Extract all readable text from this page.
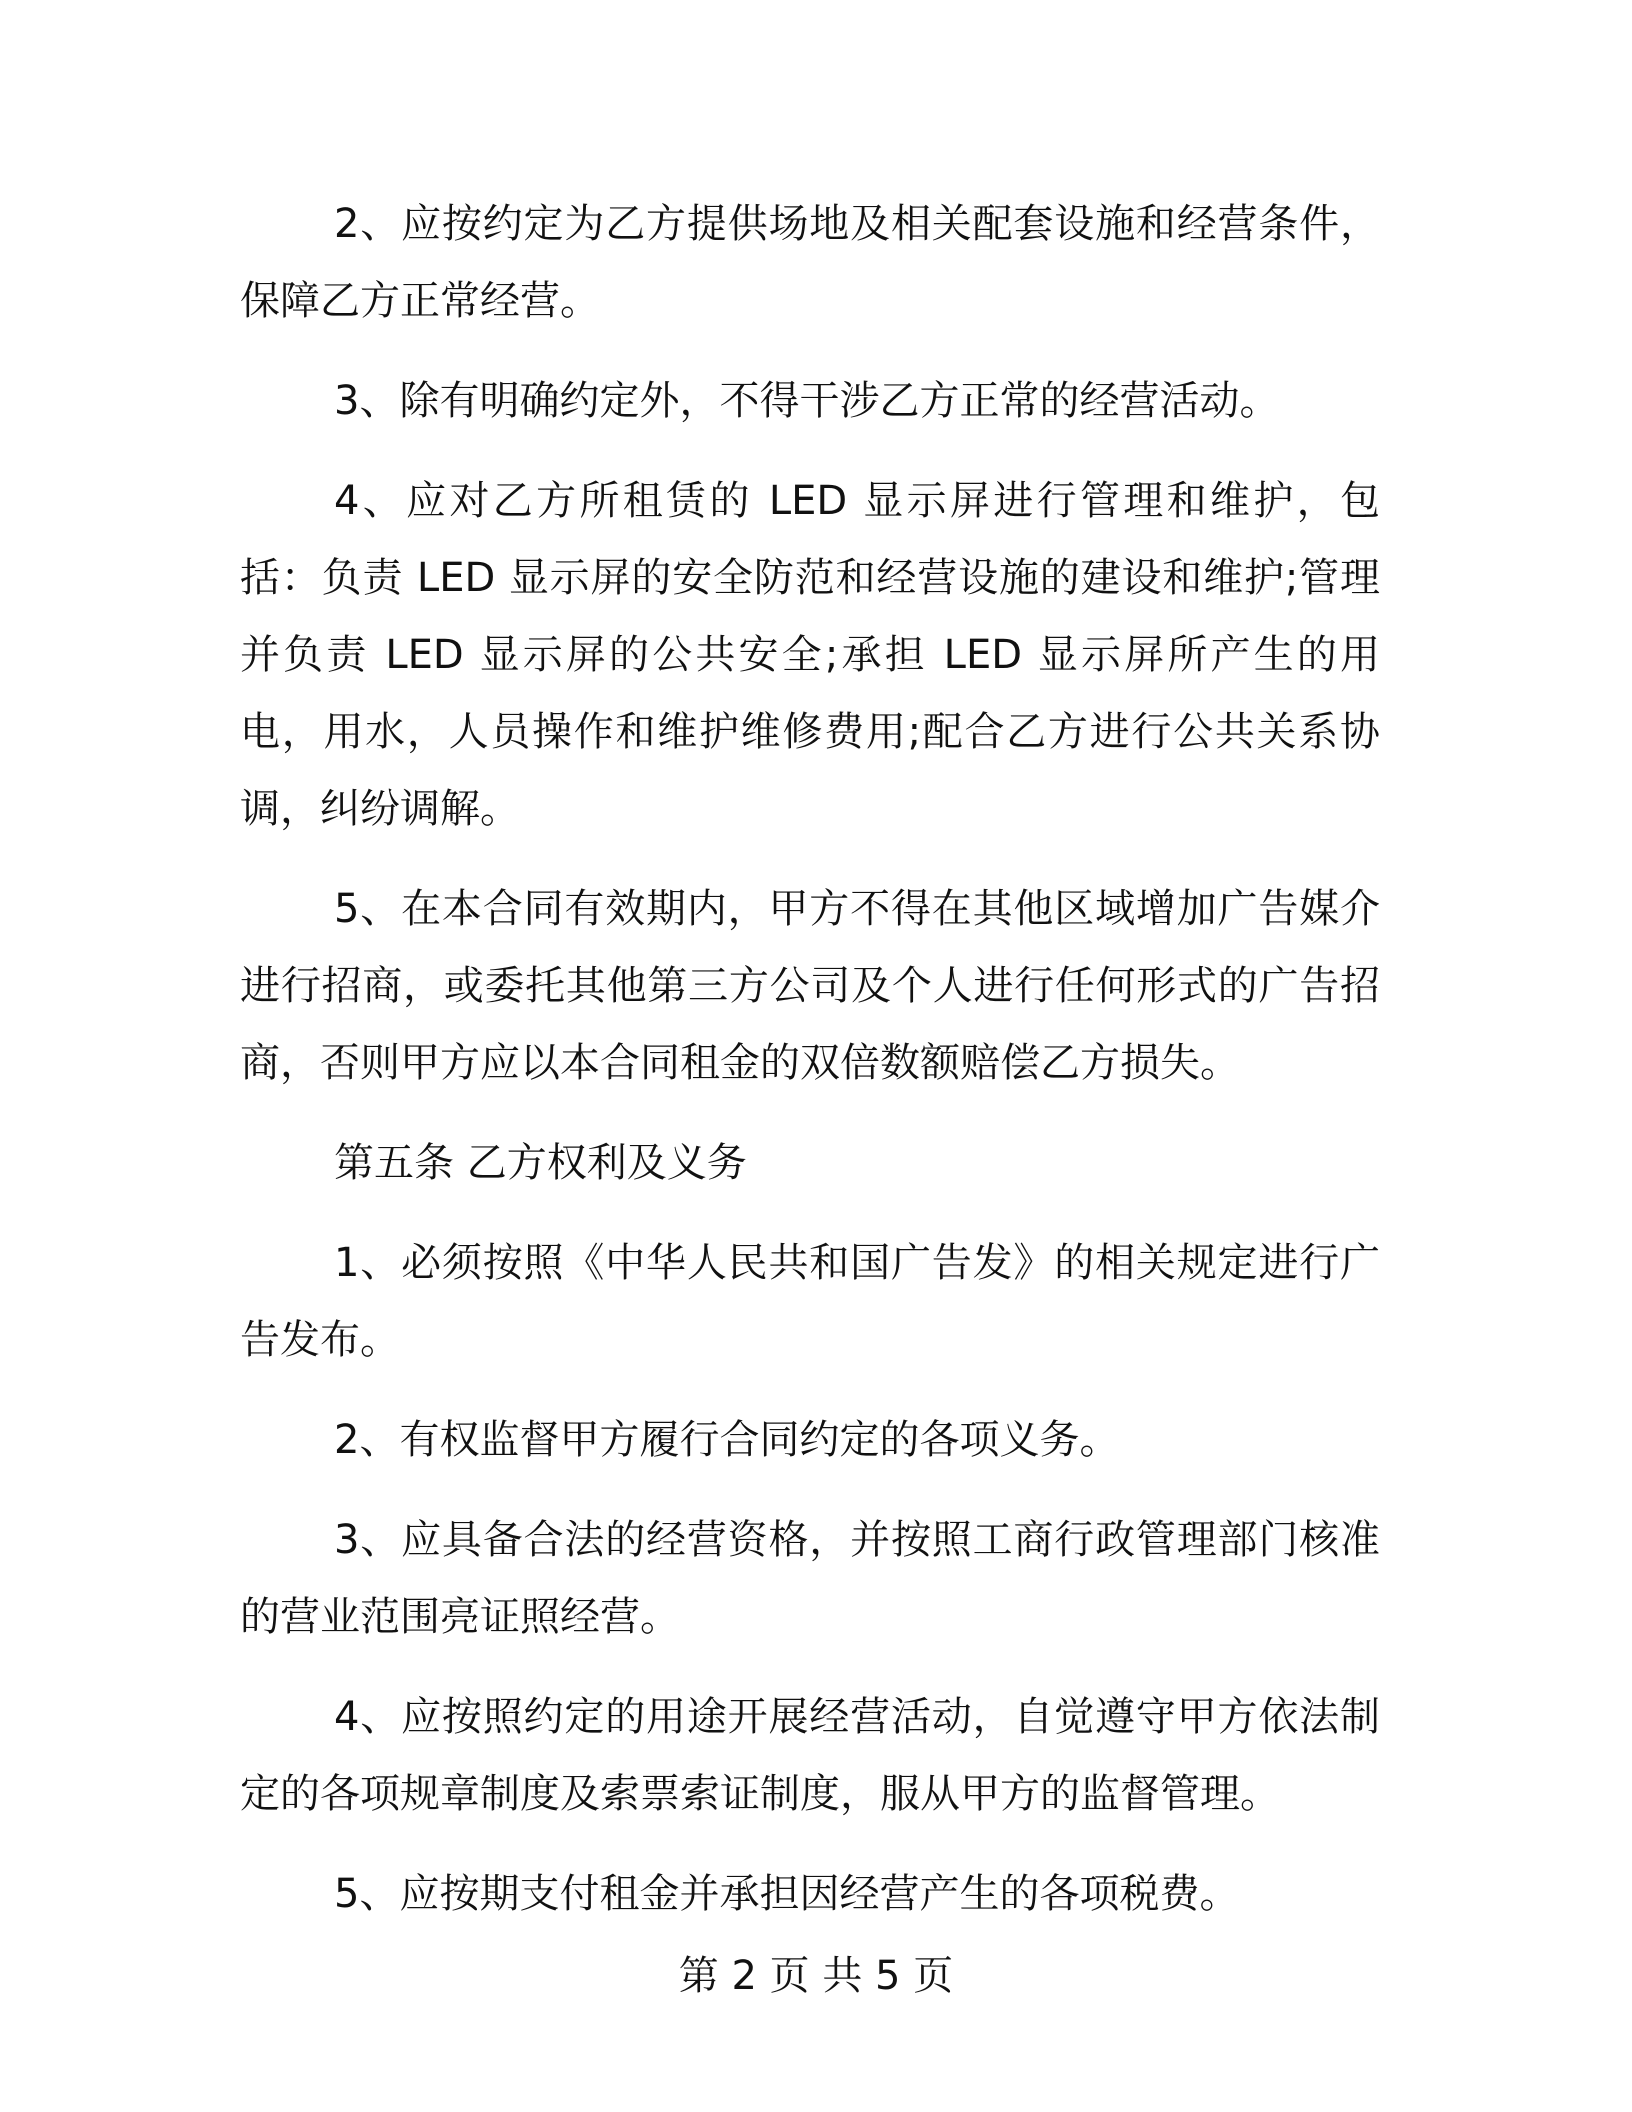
2、应按约定为乙方提供场地及相关配套设施和经营条件，保障乙方正常经营。

3、除有明确约定外，不得干涉乙方正常的经营活动。

4、应对乙方所租赁的 LED 显示屏进行管理和维护，包括：负责 LED 显示屏的安全防范和经营设施的建设和维护;管理并负责 LED 显示屏的公共安全;承担 LED 显示屏所产生的用电，用水，人员操作和维护维修费用;配合乙方进行公共关系协调，纠纷调解。

5、在本合同有效期内，甲方不得在其他区域增加广告媒介进行招商，或委托其他第三方公司及个人进行任何形式的广告招商，否则甲方应以本合同租金的双倍数额赔偿乙方损失。

第五条 乙方权利及义务

1、必须按照《中华人民共和国广告发》的相关规定进行广告发布。

2、有权监督甲方履行合同约定的各项义务。

3、应具备合法的经营资格，并按照工商行政管理部门核准的营业范围亮证照经营。

4、应按照约定的用途开展经营活动，自觉遵守甲方依法制定的各项规章制度及索票索证制度，服从甲方的监督管理。

5、应按期支付租金并承担因经营产生的各项税费。

第 2 页 共 5 页
